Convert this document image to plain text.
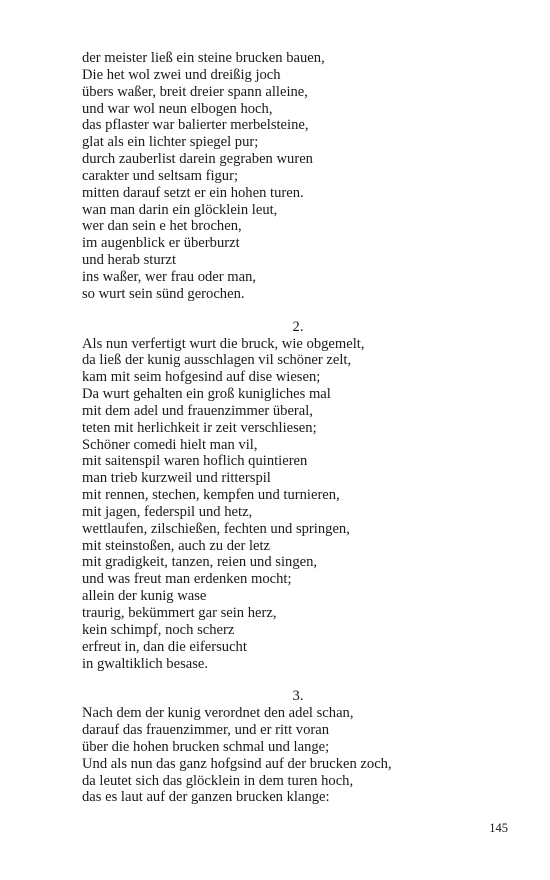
der meister ließ ein steine brucken bauen,
Die het wol zwei und dreißig joch
übers waßer, breit dreier spann alleine,
und war wol neun elbogen hoch,
das pflaster war balierter merbelsteine,
glat als ein lichter spiegel pur;
durch zauberlist darein gegraben wuren
carakter und seltsam figur;
mitten darauf setzt er ein hohen turen.
wan man darin ein glöcklein leut,
wer dan sein e het brochen,
im augenblick er überburzt
und herab sturzt
ins waßer, wer frau oder man,
so wurt sein sünd gerochen.
2.
Als nun verfertigt wurt die bruck, wie obgemelt,
da ließ der kunig ausschlagen vil schöner zelt,
kam mit seim hofgesind auf dise wiesen;
Da wurt gehalten ein groß kunigliches mal
mit dem adel und frauenzimmer überal,
teten mit herlichkeit ir zeit verschliesen;
Schöner comedi hielt man vil,
mit saitenspil waren hoflich quintieren
man trieb kurzweil und ritterspil
mit rennen, stechen, kempfen und turnieren,
mit jagen, federspil und hetz,
wettlaufen, zilschießen, fechten und springen,
mit steinstoßen, auch zu der letz
mit gradigkeit, tanzen, reien und singen,
und was freut man erdenken mocht;
allein der kunig wase
traurig, bekümmert gar sein herz,
kein schimpf, noch scherz
erfreut in, dan die eifersucht
in gwaltiklich besase.
3.
Nach dem der kunig verordnet den adel schan,
darauf das frauenzimmer, und er ritt voran
über die hohen brucken schmal und lange;
Und als nun das ganz hofgsind auf der brucken zoch,
da leutet sich das glöcklein in dem turen hoch,
das es laut auf der ganzen brucken klange:
145
